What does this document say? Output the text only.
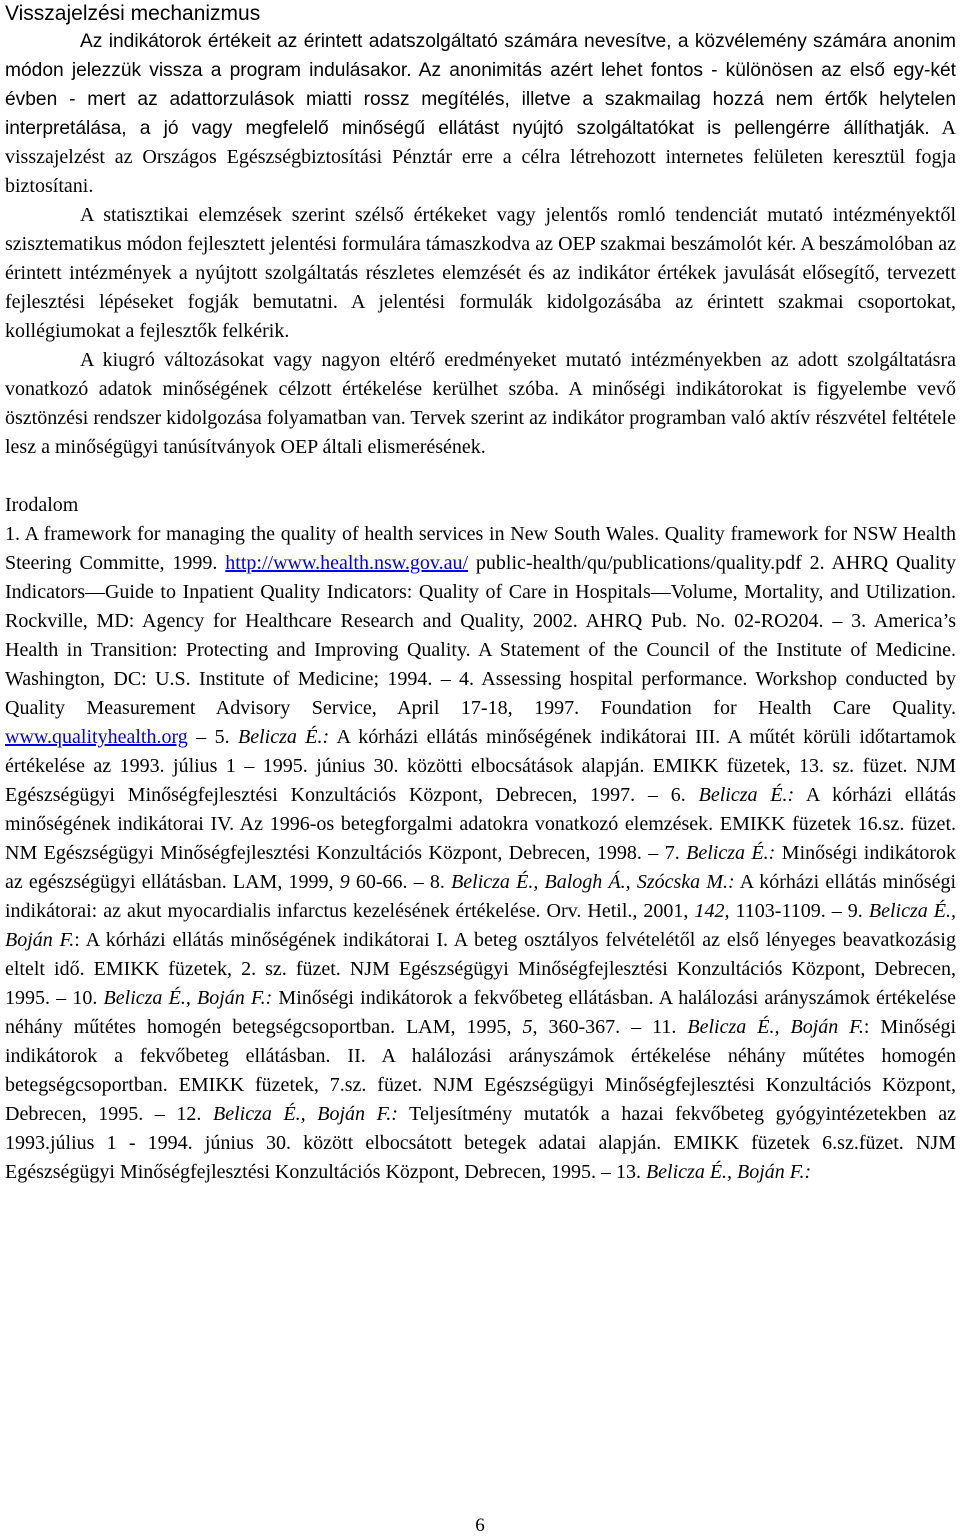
Visszajelzési mechanizmus

Az indikátorok értékeit az érintett adatszolgáltató számára nevesítve, a közvélemény számára anonim módon jelezzük vissza a program indulásakor. Az anonimitás azért lehet fontos - különösen az első egy-két évben - mert az adattorzulások miatti rossz megítélés, illetve a szakmailag hozzá nem értők helytelen interpretálása, a jó vagy megfelelő minőségű ellátást nyújtó szolgáltatókat is pellengérre állíthatják. A visszajelzést az Országos Egészségbiztosítási Pénztár erre a célra létrehozott internetes felületen keresztül fogja biztosítani.

A statisztikai elemzések szerint szélső értékeket vagy jelentős romló tendenciát mutató intézményektől szisztematikus módon fejlesztett jelentési formulára támaszkodva az OEP szakmai beszámolót kér. A beszámolóban az érintett intézmények a nyújtott szolgáltatás részletes elemzését és az indikátor értékek javulását elősegítő, tervezett fejlesztési lépéseket fogják bemutatni. A jelentési formulák kidolgozásába az érintett szakmai csoportokat, kollégiumokat a fejlesztők felkérik.

A kiugró változásokat vagy nagyon eltérő eredményeket mutató intézményekben az adott szolgáltatásra vonatkozó adatok minőségének célzott értékelése kerülhet szóba. A minőségi indikátorokat is figyelembe vevő ösztönzési rendszer kidolgozása folyamatban van. Tervek szerint az indikátor programban való aktív részvétel feltétele lesz a minőségügyi tanúsítványok OEP általi elismerésének.

Irodalom

1. A framework for managing the quality of health services in New South Wales. Quality framework for NSW Health Steering Committe, 1999. http://www.health.nsw.gov.au/ public-health/qu/publications/quality.pdf 2. AHRQ Quality Indicators—Guide to Inpatient Quality Indicators: Quality of Care in Hospitals—Volume, Mortality, and Utilization. Rockville, MD: Agency for Healthcare Research and Quality, 2002. AHRQ Pub. No. 02-RO204. – 3. America’s Health in Transition: Protecting and Improving Quality. A Statement of the Council of the Institute of Medicine. Washington, DC: U.S. Institute of Medicine; 1994. – 4. Assessing hospital performance. Workshop conducted by Quality Measurement Advisory Service, April 17-18, 1997. Foundation for Health Care Quality. www.qualityhealth.org – 5. Belicza É.: A kórházi ellátás minőségének indikátorai III. A műtét körüli időtartamok értékelése az 1993. július 1 – 1995. június 30. közötti elbocsátások alapján. EMIKK füzetek, 13. sz. füzet. NJM Egészségügyi Minőségfejlesztési Konzultációs Központ, Debrecen, 1997. – 6. Belicza É.: A kórházi ellátás minőségének indikátorai IV. Az 1996-os betegforgalmi adatokra vonatkozó elemzések. EMIKK füzetek 16.sz. füzet. NM Egészségügyi Minőségfejlesztési Konzultációs Központ, Debrecen, 1998. – 7. Belicza É.: Minőségi indikátorok az egészségügyi ellátásban. LAM, 1999, 9 60-66. – 8. Belicza É., Balogh Á., Szócska M.: A kórházi ellátás minőségi indikátorai: az akut myocardialis infarctus kezelésének értékelése. Orv. Hetil., 2001, 142, 1103-1109. – 9. Belicza É., Boján F.: A kórházi ellátás minőségének indikátorai I. A beteg osztályos felvételétől az első lényeges beavatkozásig eltelt idő. EMIKK füzetek, 2. sz. füzet. NJM Egészségügyi Minőségfejlesztési Konzultációs Központ, Debrecen, 1995. – 10. Belicza É., Boján F.: Minőségi indikátorok a fekvőbeteg ellátásban. A halálozási arányszámok értékelése néhány műtétes homogén betegségcsoportban. LAM, 1995, 5, 360-367. – 11. Belicza É., Boján F.: Minőségi indikátorok a fekvőbeteg ellátásban. II. A halálozási arányszámok értékelése néhány műtétes homogén betegségcsoportban. EMIKK füzetek, 7.sz. füzet. NJM Egészségügyi Minőségfejlesztési Konzultációs Központ, Debrecen, 1995. – 12. Belicza É., Boján F.: Teljesítmény mutatók a hazai fekvőbeteg gyógyintézetekben az 1993.július 1 - 1994. június 30. között elbocsátott betegek adatai alapján. EMIKK füzetek 6.sz.füzet. NJM Egészségügyi Minőségfejlesztési Konzultációs Központ, Debrecen, 1995. – 13. Belicza É., Boján F.:

6
